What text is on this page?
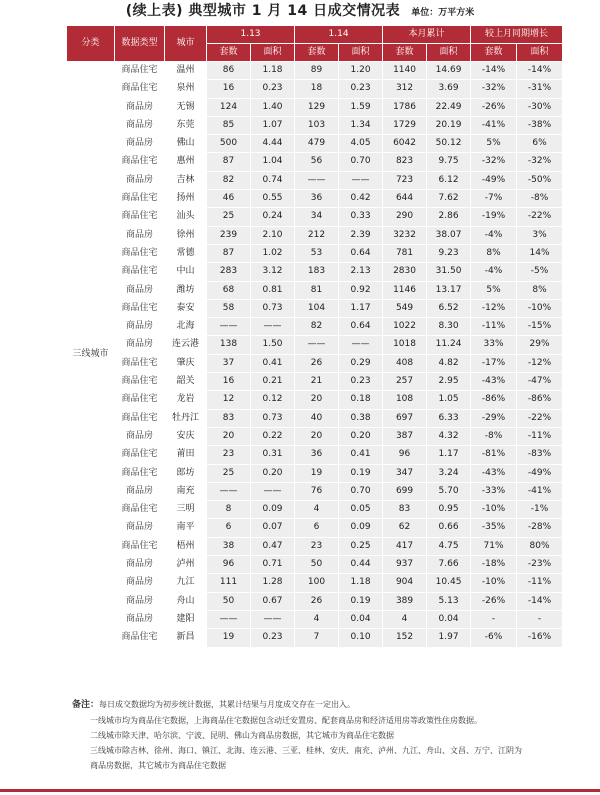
(续上表) 典型城市 1 月 14 日成交情况表 单位：万平方米
分类	数据类型	城市	1.13		1.14		本月累计		较上月同期增长	
			套数	面积	套数	面积	套数	面积	套数	面积
三线城市	商品住宅	温州	86	1.18	89	1.20	1140	14.69	-14%	-14%
	商品住宅	泉州	16	0.23	18	0.23	312	3.69	-32%	-31%
	商品房	无锡	124	1.40	129	1.59	1786	22.49	-26%	-30%
	商品房	东莞	85	1.07	103	1.34	1729	20.19	-41%	-38%
	商品房	佛山	500	4.44	479	4.05	6042	50.12	5%	6%
	商品住宅	惠州	87	1.04	56	0.70	823	9.75	-32%	-32%
	商品房	吉林	82	0.74	——	——	723	6.12	-49%	-50%
	商品住宅	扬州	46	0.55	36	0.42	644	7.62	-7%	-8%
	商品住宅	汕头	25	0.24	34	0.33	290	2.86	-19%	-22%
	商品房	徐州	239	2.10	212	2.39	3232	38.07	-4%	3%
	商品住宅	常德	87	1.02	53	0.64	781	9.23	8%	14%
	商品住宅	中山	283	3.12	183	2.13	2830	31.50	-4%	-5%
	商品房	潍坊	68	0.81	81	0.92	1146	13.17	5%	8%
	商品住宅	泰安	58	0.73	104	1.17	549	6.52	-12%	-10%
	商品房	北海	——	——	82	0.64	1022	8.30	-11%	-15%
	商品房	连云港	138	1.50	——	——	1018	11.24	33%	29%
	商品住宅	肇庆	37	0.41	26	0.29	408	4.82	-17%	-12%
	商品住宅	韶关	16	0.21	21	0.23	257	2.95	-43%	-47%
	商品住宅	龙岩	12	0.12	20	0.18	108	1.05	-86%	-86%
	商品住宅	牡丹江	83	0.73	40	0.38	697	6.33	-29%	-22%
	商品房	安庆	20	0.22	20	0.20	387	4.32	-8%	-11%
	商品住宅	莆田	23	0.31	36	0.41	96	1.17	-81%	-83%
	商品住宅	郎坊	25	0.20	19	0.19	347	3.24	-43%	-49%
	商品房	南充	——	——	76	0.70	699	5.70	-33%	-41%
	商品住宅	三明	8	0.09	4	0.05	83	0.95	-10%	-1%
	商品房	南平	6	0.07	6	0.09	62	0.66	-35%	-28%
	商品住宅	梧州	38	0.47	23	0.25	417	4.75	71%	80%
	商品房	泸州	96	0.71	50	0.44	937	7.66	-18%	-23%
	商品房	九江	111	1.28	100	1.18	904	10.45	-10%	-11%
	商品房	舟山	50	0.67	26	0.19	389	5.13	-26%	-14%
	商品房	建阳	——	——	4	0.04	4	0.04	-	-
	商品住宅	新昌	19	0.23	7	0.10	152	1.97	-6%	-16%

备注：每日成交数据均为初步统计数据，其累计结果与月度成交存在一定出入。

一线城市均为商品住宅数据，上海商品住宅数据包含动迁安置房、配套商品房和经济适用房等政策性住房数据。

二线城市除天津、哈尔滨、宁波、昆明、佛山为商品房数据，其它城市为商品住宅数据

三线城市除吉林、徐州、海口、镇江、北海、连云港、三亚、桂林、安庆、南充、泸州、九江、舟山、文昌、万宁、江阴为

商品房数据，其它城市为商品住宅数据
